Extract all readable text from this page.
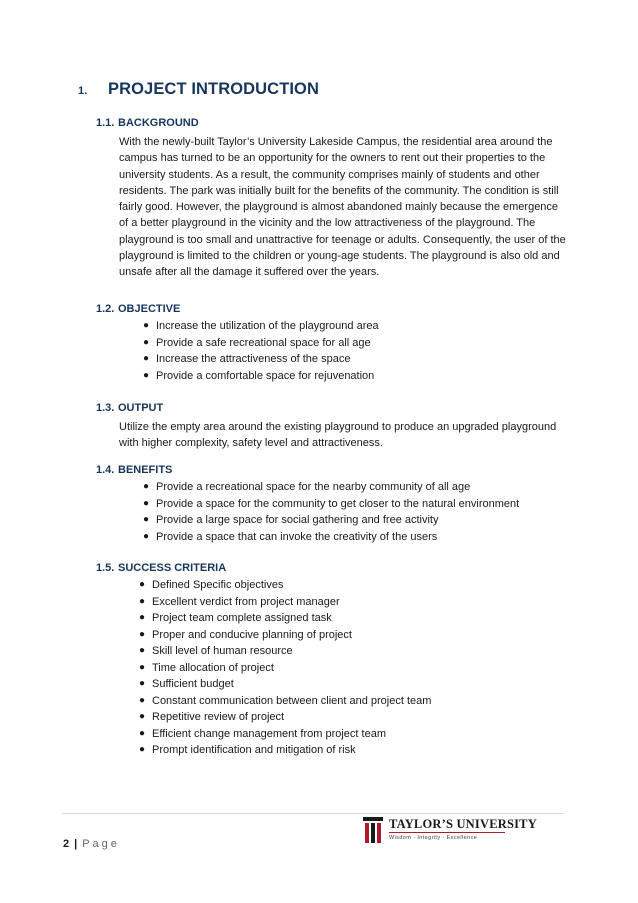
1.	PROJECT INTRODUCTION
1.1. BACKGROUND
With the newly-built Taylor’s University Lakeside Campus, the residential area around the campus has turned to be an opportunity for the owners to rent out their properties to the university students. As a result, the community comprises mainly of students and other residents. The park was initially built for the benefits of the community. The condition is still fairly good. However, the playground is almost abandoned mainly because the emergence of a better playground in the vicinity and the low attractiveness of the playground. The playground is too small and unattractive for teenage or adults. Consequently, the user of the playground is limited to the children or young-age students. The playground is also old and unsafe after all the damage it suffered over the years.
1.2. OBJECTIVE
● Increase the utilization of the playground area
● Provide a safe recreational space for all age
● Increase the attractiveness of the space
● Provide a comfortable space for rejuvenation
1.3. OUTPUT
Utilize the empty area around the existing playground to produce an upgraded playground with higher complexity, safety level and attractiveness.
1.4. BENEFITS
● Provide a recreational space for the nearby community of all age
● Provide a space for the community to get closer to the natural environment
● Provide a large space for social gathering and free activity
● Provide a space that can invoke the creativity of the users
1.5. SUCCESS CRITERIA
● Defined Specific objectives
● Excellent verdict from project manager
● Project team complete assigned task
● Proper and conducive planning of project
● Skill level of human resource
● Time allocation of project
● Sufficient budget
● Constant communication between client and project team
● Repetitive review of project
● Efficient change management from project team
● Prompt identification and mitigation of risk
TAYLOR’S UNIVERSITY
Wisdom · Integrity · Excellence
2 | Page
